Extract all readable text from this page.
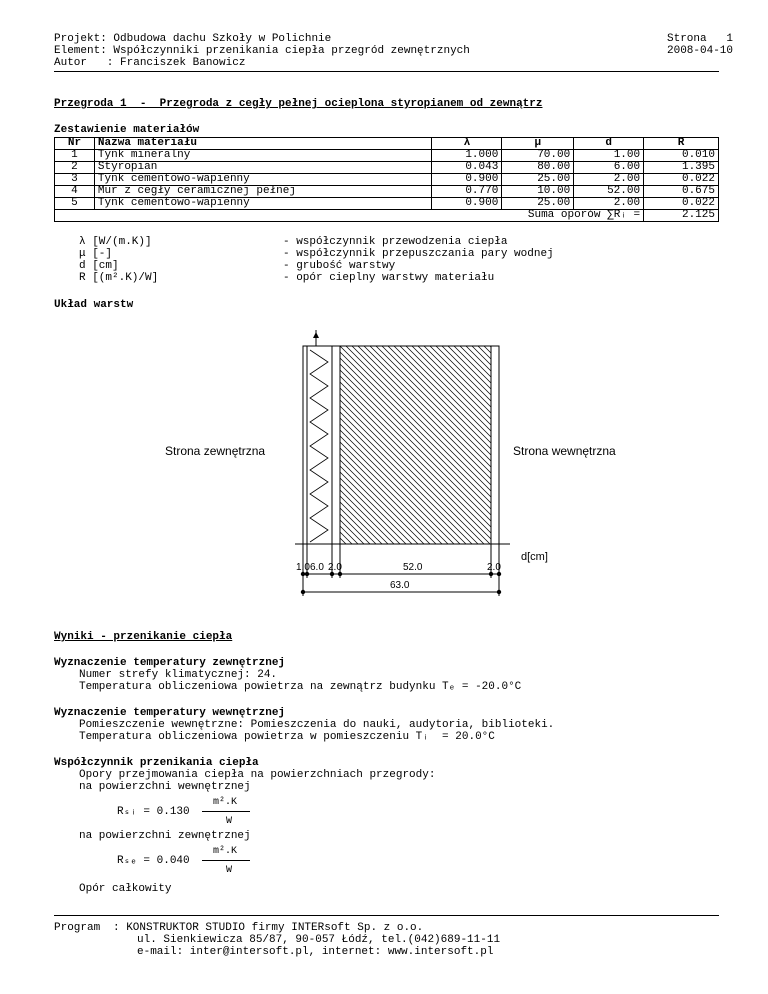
Projekt: Odbudowa dachu Szkoły w Polichnie
Element: Współczynniki przenikania ciepła przegród zewnętrznych
Autor   : Franciszek Banowicz
Strona   1
2008-04-10
Przegroda 1  -  Przegroda z cegły pełnej ocieplona styropianem od zewnątrz
Zestawienie materiałów
Nr	Nazwa materiału	λ	μ	d	R
1	Tynk mineralny	1.000	70.00	1.00	0.010
2	Styropian	0.043	80.00	6.00	1.395
3	Tynk cementowo-wapienny	0.900	25.00	2.00	0.022
4	Mur z cegły ceramicznej pełnej	0.770	10.00	52.00	0.675
5	Tynk cementowo-wapienny	0.900	25.00	2.00	0.022
Suma oporów ∑Rᵢ =					2.125
λ [W/(m.K)]	- współczynnik przewodzenia ciepła
μ [-]	- współczynnik przepuszczania pary wodnej
d [cm]	- grubość warstwy
R [(m².K)/W]	- opór cieplny warstwy materiału
Układ warstw
Strona zewnętrzna	Strona wewnętrzna
d[cm]
1.0 6.0 2.0	52.0	2.0
63.0
Wyniki - przenikanie ciepła
Wyznaczenie temperatury zewnętrznej
Numer strefy klimatycznej: 24.
Temperatura obliczeniowa powietrza na zewnątrz budynku Tₑ = -20.0°C
Wyznaczenie temperatury wewnętrznej
Pomieszczenie wewnętrzne: Pomieszczenia do nauki, audytoria, biblioteki.
Temperatura obliczeniowa powietrza w pomieszczeniu Tᵢ  = 20.0°C
Współczynnik przenikania ciepła
Opory przejmowania ciepła na powierzchniach przegrody:
na powierzchni wewnętrznej
m².K
Rₛᵢ = 0.130
W
na powierzchni zewnętrznej
m².K
Rₛₑ = 0.040
W
Opór całkowity
Program : KONSTRUKTOR STUDIO firmy INTERsoft Sp. z o.o.
ul. Sienkiewicza 85/87, 90-057 Łódź, tel.(042)689-11-11
e-mail: inter@intersoft.pl, internet: www.intersoft.pl
